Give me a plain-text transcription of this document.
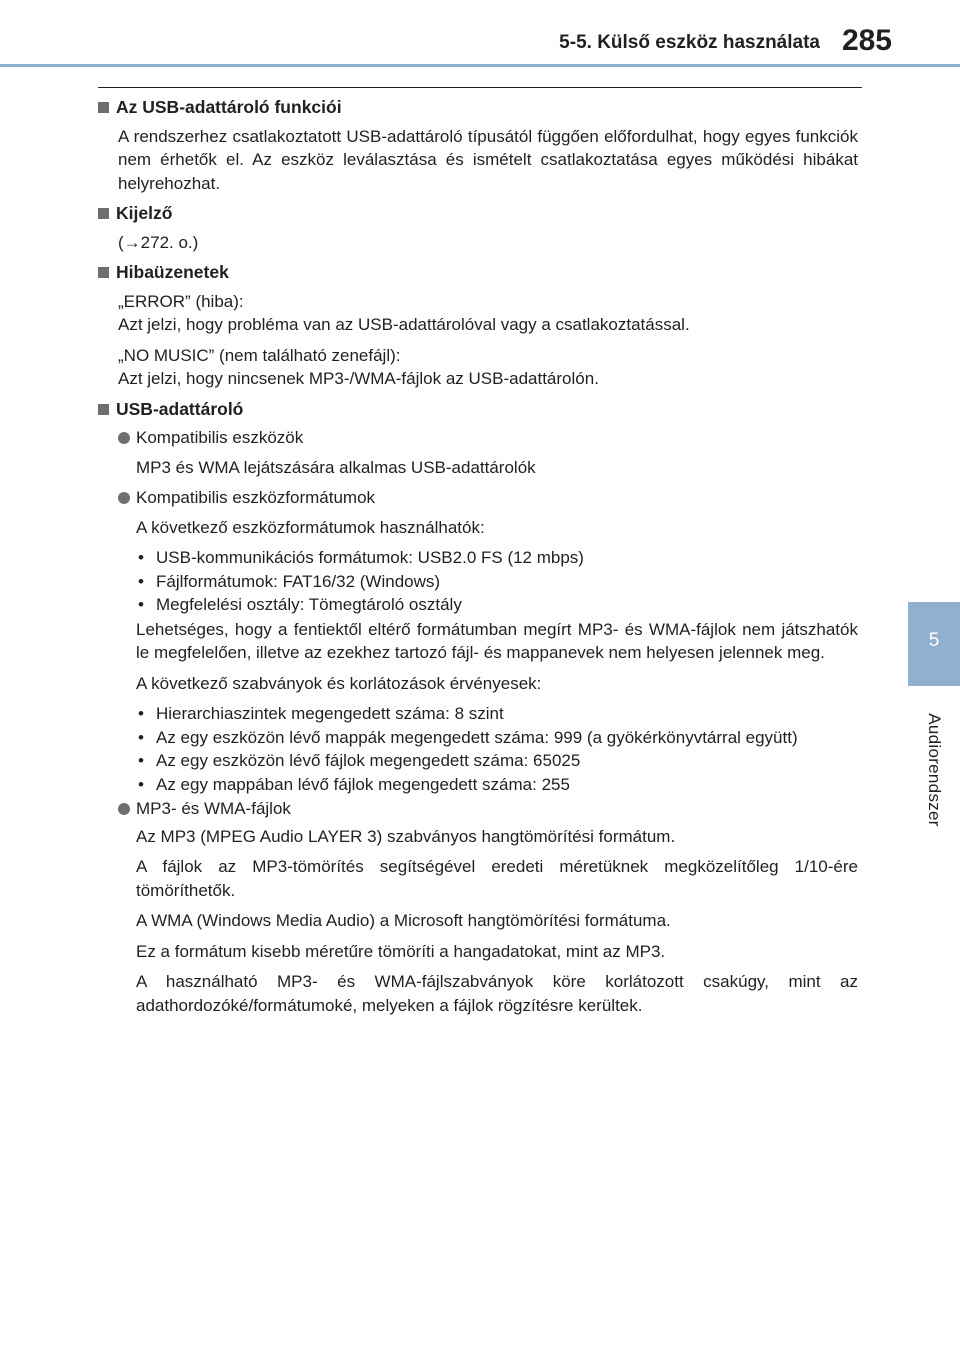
5-5. Külső eszköz használata 285
5
Audiorendszer
Az USB-adattároló funkciói
A rendszerhez csatlakoztatott USB-adattároló típusától függően előfordulhat, hogy egyes funkciók nem érhetők el. Az eszköz leválasztása és ismételt csatlakoztatása egyes működési hibákat helyrehozhat.
Kijelző
(→272. o.)
Hibaüzenetek
„ERROR” (hiba):
Azt jelzi, hogy probléma van az USB-adattárolóval vagy a csatlakoztatással.
„NO MUSIC” (nem található zenefájl):
Azt jelzi, hogy nincsenek MP3-/WMA-fájlok az USB-adattárolón.
USB-adattároló
Kompatibilis eszközök
MP3 és WMA lejátszására alkalmas USB-adattárolók
Kompatibilis eszközformátumok
A következő eszközformátumok használhatók:
• USB-kommunikációs formátumok: USB2.0 FS (12 mbps)
• Fájlformátumok: FAT16/32 (Windows)
• Megfelelési osztály: Tömegtároló osztály
Lehetséges, hogy a fentiektől eltérő formátumban megírt MP3- és WMA-fájlok nem játszhatók le megfelelően, illetve az ezekhez tartozó fájl- és mappanevek nem helyesen jelennek meg.
A következő szabványok és korlátozások érvényesek:
• Hierarchiaszintek megengedett száma: 8 szint
• Az egy eszközön lévő mappák megengedett száma: 999 (a gyökérkönyvtárral együtt)
• Az egy eszközön lévő fájlok megengedett száma: 65025
• Az egy mappában lévő fájlok megengedett száma: 255
MP3- és WMA-fájlok
Az MP3 (MPEG Audio LAYER 3) szabványos hangtömörítési formátum.
A fájlok az MP3-tömörítés segítségével eredeti méretüknek megközelítőleg 1/10-ére tömöríthetők.
A WMA (Windows Media Audio) a Microsoft hangtömörítési formátuma.
Ez a formátum kisebb méretűre tömöríti a hangadatokat, mint az MP3.
A használható MP3- és WMA-fájlszabványok köre korlátozott csakúgy, mint az adathordozóké/formátumoké, melyeken a fájlok rögzítésre kerültek.
